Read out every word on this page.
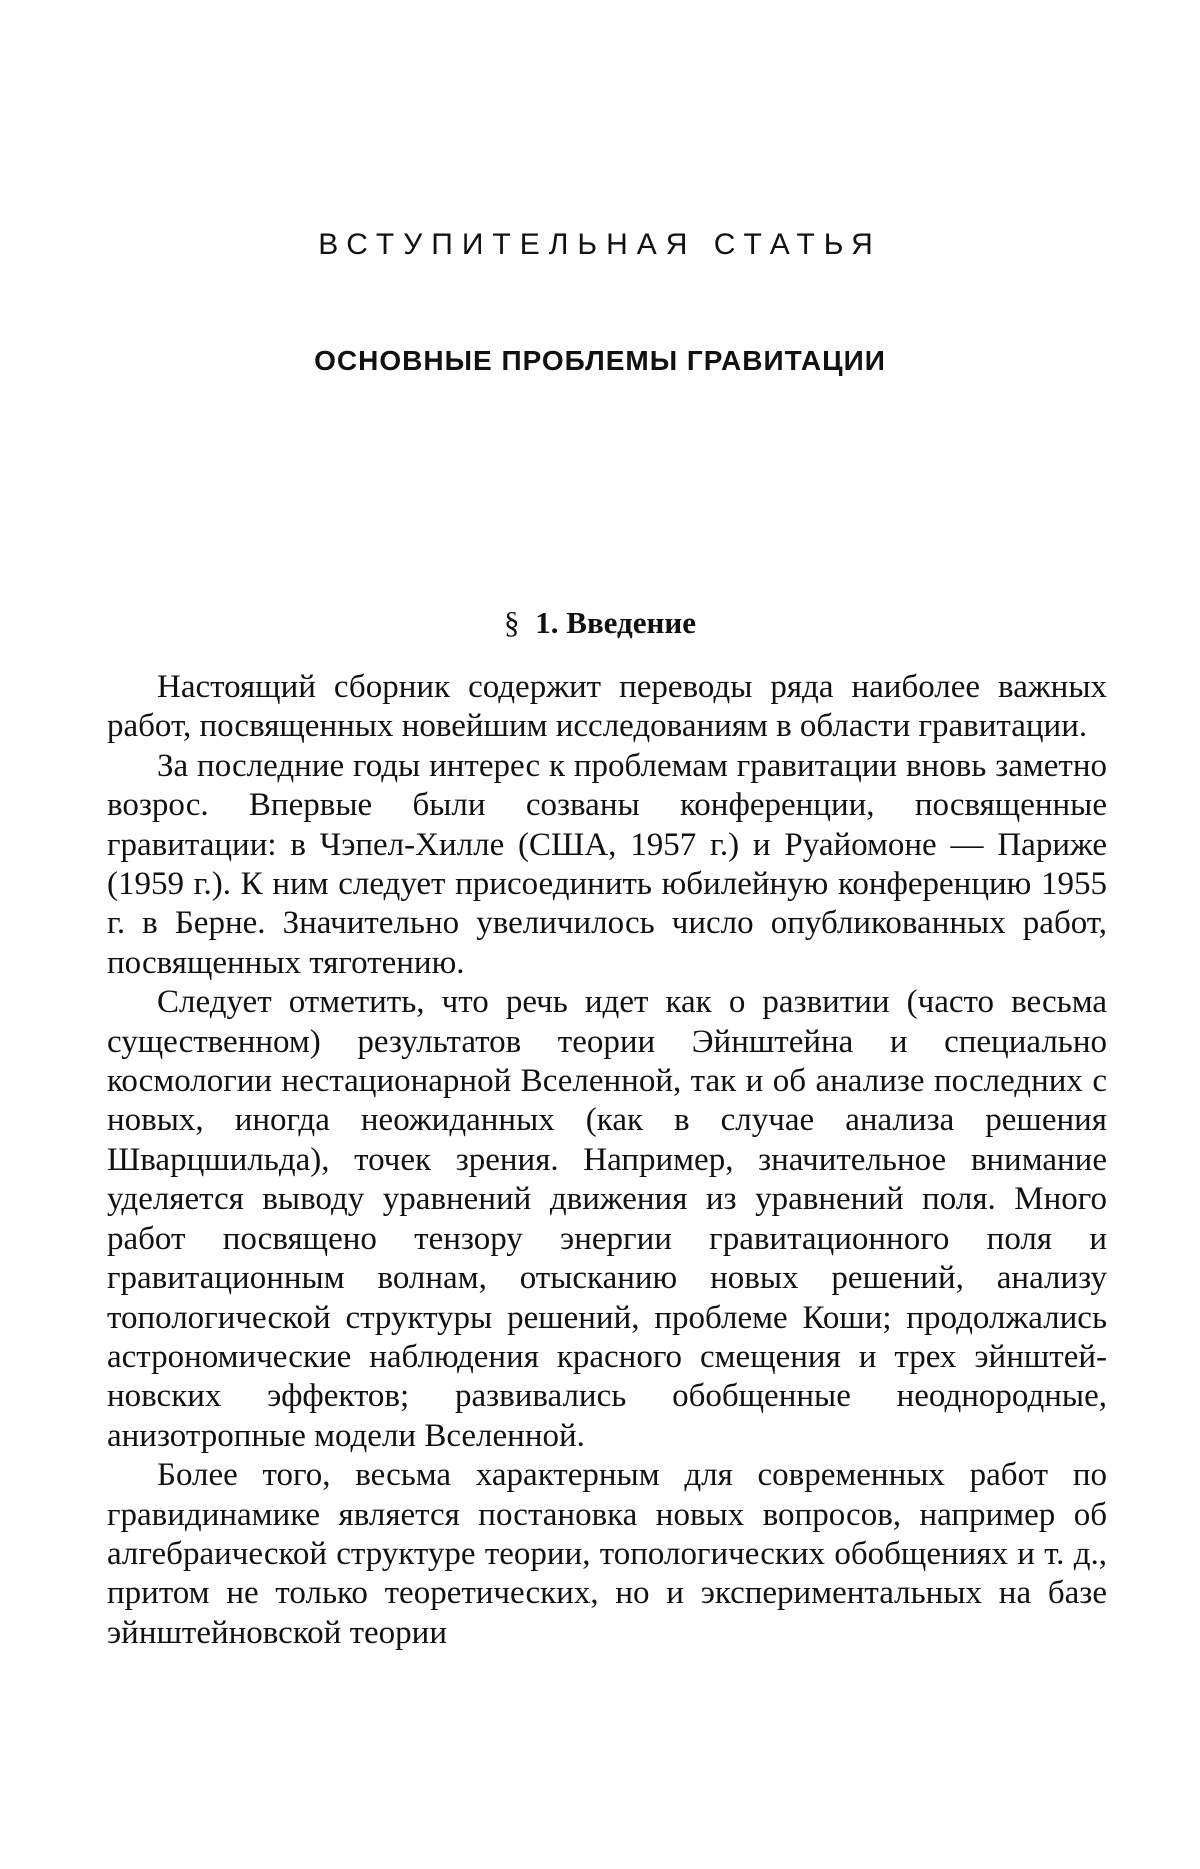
ВСТУПИТЕЛЬНАЯ СТАТЬЯ
ОСНОВНЫЕ ПРОБЛЕМЫ ГРАВИТАЦИИ
§ 1. Введение

Настоящий сборник содержит переводы ряда наиболее важных работ, посвященных новейшим исследованиям в области гравитации.

За последние годы интерес к проблемам гравитации вновь заметно возрос. Впервые были созваны конференции, посвященные гравитации: в Чэпел-Хилле (США, 1957 г.) и Руайомоне — Париже (1959 г.). К ним следует присоединить юбилейную конференцию 1955 г. в Берне. Значительно увеличилось число опубликованных работ, посвященных тяготению.

Следует отметить, что речь идет как о развитии (часто весьма существенном) результатов теории Эйнштейна и специально космологии нестационарной Вселенной, так и об анализе последних с новых, иногда неожиданных (как в случае анализа решения Шварцшильда), точек зрения. Например, значительное внимание уделяется выводу уравнений движения из уравнений поля. Много работ посвящено тензору энергии гравитационного поля и гравитационным волнам, отысканию новых решений, анализу топологической структуры решений, проблеме Коши; продолжались астрономические наблюдения красного смещения и трех эйнштейновских эффектов; развивались обобщенные неоднородные, анизотропные модели Вселенной.

Более того, весьма характерным для современных работ по гравидинамике является постановка новых вопросов, например об алгебраической структуре теории, топологических обобщениях и т. д., притом не только теоретических, но и экспериментальных на базе эйнштейновской теории
